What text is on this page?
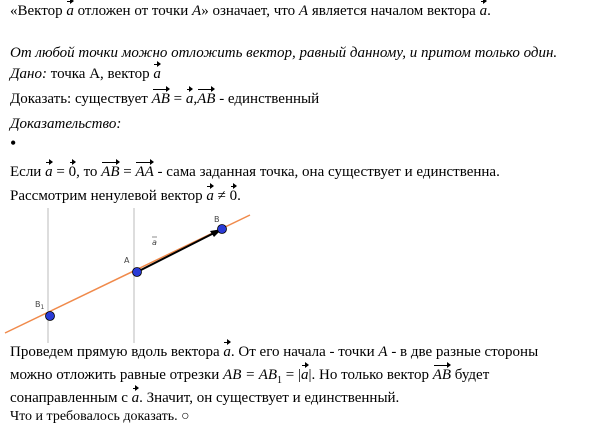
«Вектор a отложен от точки A» означает, что A является началом вектора a.
От любой точки можно отложить вектор, равный данному, и притом только один.
Дано: точка А, вектор a
Доказать: существует AB = a,AB - единственный
Доказательство:
•
Если a = 0, то AB = AA - сама заданная точка, она существует и единственна.
Рассмотрим ненулевой вектор a ≠ 0.
A
B
$B_1$
a
Проведем прямую вдоль вектора a. От его начала - точки A - в две разные стороны
можно отложить равные отрезки AB = $AB_1 = |a|$. Но только вектор AB будет
сонаправленным с a. Значит, он существует и единственный.
Что и требовалось доказать. ○
